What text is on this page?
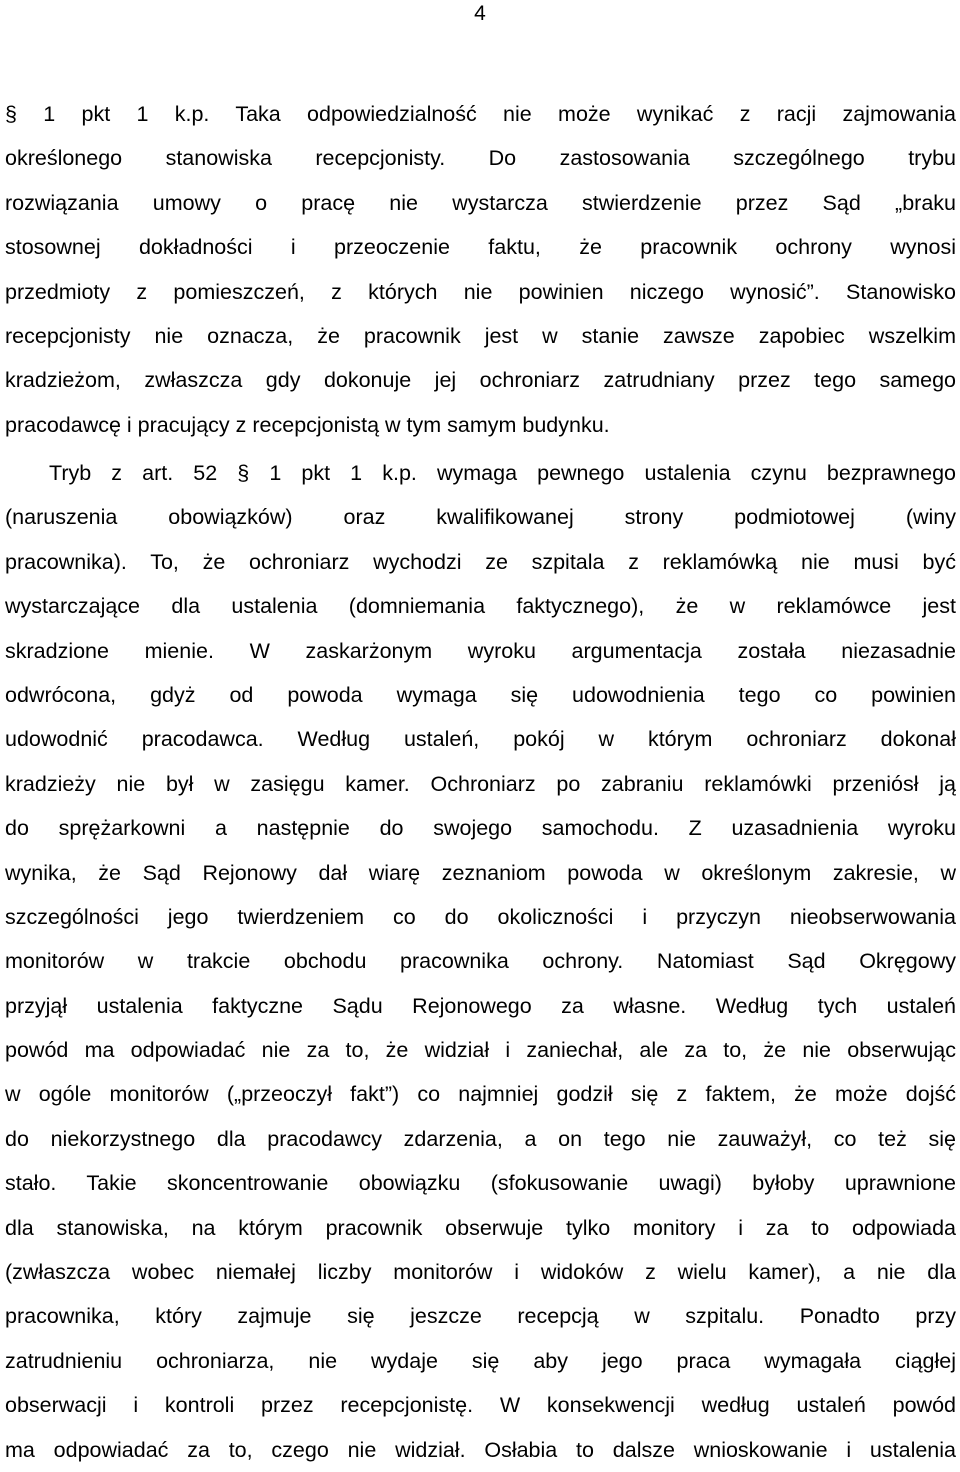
4
§ 1 pkt 1 k.p. Taka odpowiedzialność nie może wynikać z racji zajmowania
określonego stanowiska recepcjonisty. Do zastosowania szczególnego trybu
rozwiązania umowy o pracę nie wystarcza stwierdzenie przez Sąd „braku
stosownej dokładności i przeoczenie faktu, że pracownik ochrony wynosi
przedmioty z pomieszczeń, z których nie powinien niczego wynosić”. Stanowisko
recepcjonisty nie oznacza, że pracownik jest w stanie zawsze zapobiec wszelkim
kradzieżom, zwłaszcza gdy dokonuje jej ochroniarz zatrudniany przez tego samego
pracodawcę i pracujący z recepcjonistą w tym samym budynku.
Tryb z art. 52 § 1 pkt 1 k.p. wymaga pewnego ustalenia czynu bezprawnego
(naruszenia obowiązków) oraz kwalifikowanej strony podmiotowej (winy
pracownika). To, że ochroniarz wychodzi ze szpitala z reklamówką nie musi być
wystarczające dla ustalenia (domniemania faktycznego), że w reklamówce jest
skradzione mienie. W zaskarżonym wyroku argumentacja została niezasadnie
odwrócona, gdyż od powoda wymaga się udowodnienia tego co powinien
udowodnić pracodawca. Według ustaleń, pokój w którym ochroniarz dokonał
kradzieży nie był w zasięgu kamer. Ochroniarz po zabraniu reklamówki przeniósł ją
do sprężarkowni a następnie do swojego samochodu. Z uzasadnienia wyroku
wynika, że Sąd Rejonowy dał wiarę zeznaniom powoda w określonym zakresie, w
szczególności jego twierdzeniem co do okoliczności i przyczyn nieobserwowania
monitorów w trakcie obchodu pracownika ochrony. Natomiast Sąd Okręgowy
przyjął ustalenia faktyczne Sądu Rejonowego za własne. Według tych ustaleń
powód ma odpowiadać nie za to, że widział i zaniechał, ale za to, że nie obserwując
w ogóle monitorów („przeoczył fakt”) co najmniej godził się z faktem, że może dojść
do niekorzystnego dla pracodawcy zdarzenia, a on tego nie zauważył, co też się
stało. Takie skoncentrowanie obowiązku (sfokusowanie uwagi) byłoby uprawnione
dla stanowiska, na którym pracownik obserwuje tylko monitory i za to odpowiada
(zwłaszcza wobec niemałej liczby monitorów i widoków z wielu kamer), a nie dla
pracownika, który zajmuje się jeszcze recepcją w szpitalu. Ponadto przy
zatrudnieniu ochroniarza, nie wydaje się aby jego praca wymagała ciągłej
obserwacji i kontroli przez recepcjonistę. W konsekwencji według ustaleń powód
ma odpowiadać za to, czego nie widział. Osłabia to dalsze wnioskowanie i ustalenia
